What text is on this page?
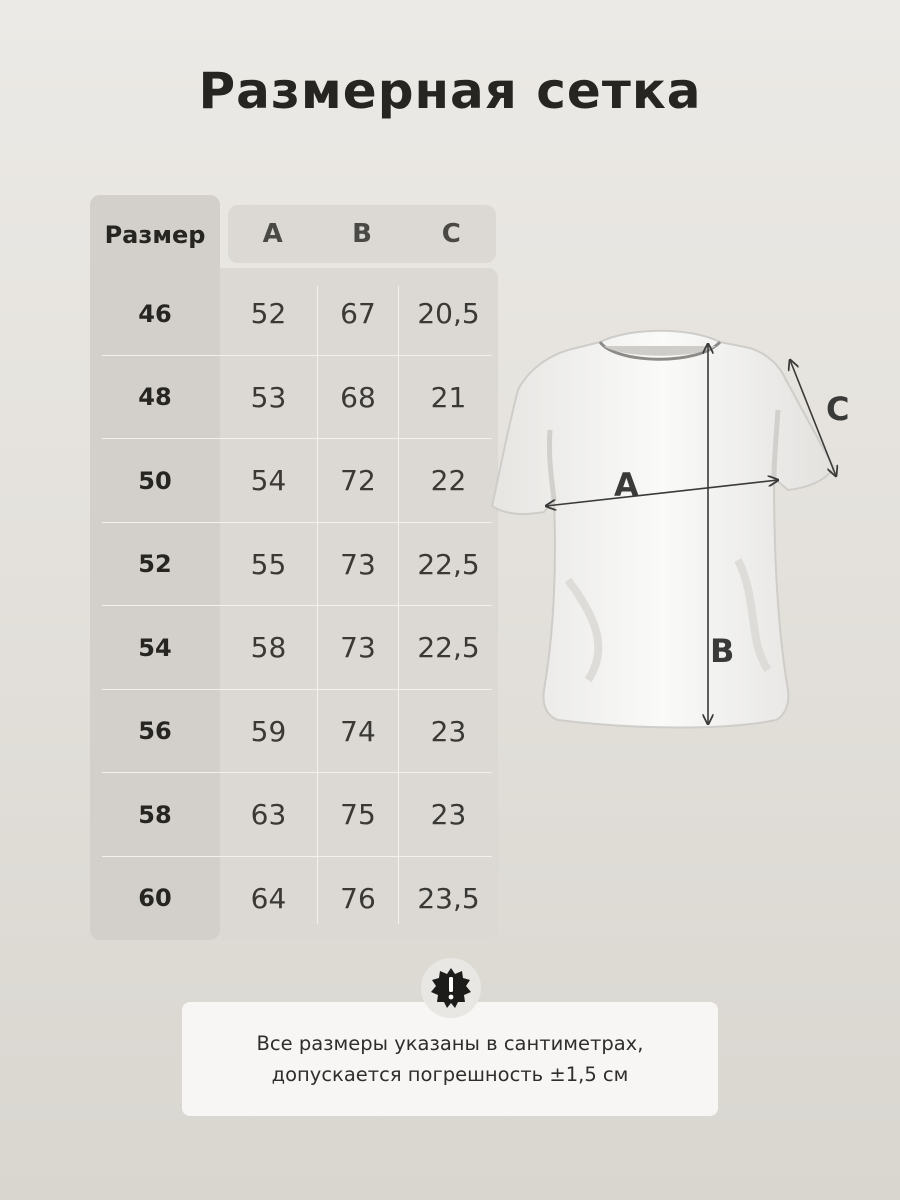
Размерная сетка
Размер	A	B	C
46	52	67	20,5
48	53	68	21
50	54	72	22
52	55	73	22,5
54	58	73	22,5
56	59	74	23
58	63	75	23
60	64	76	23,5
A
B
C
Все размеры указаны в сантиметрах,
допускается погрешность ±1,5 см
